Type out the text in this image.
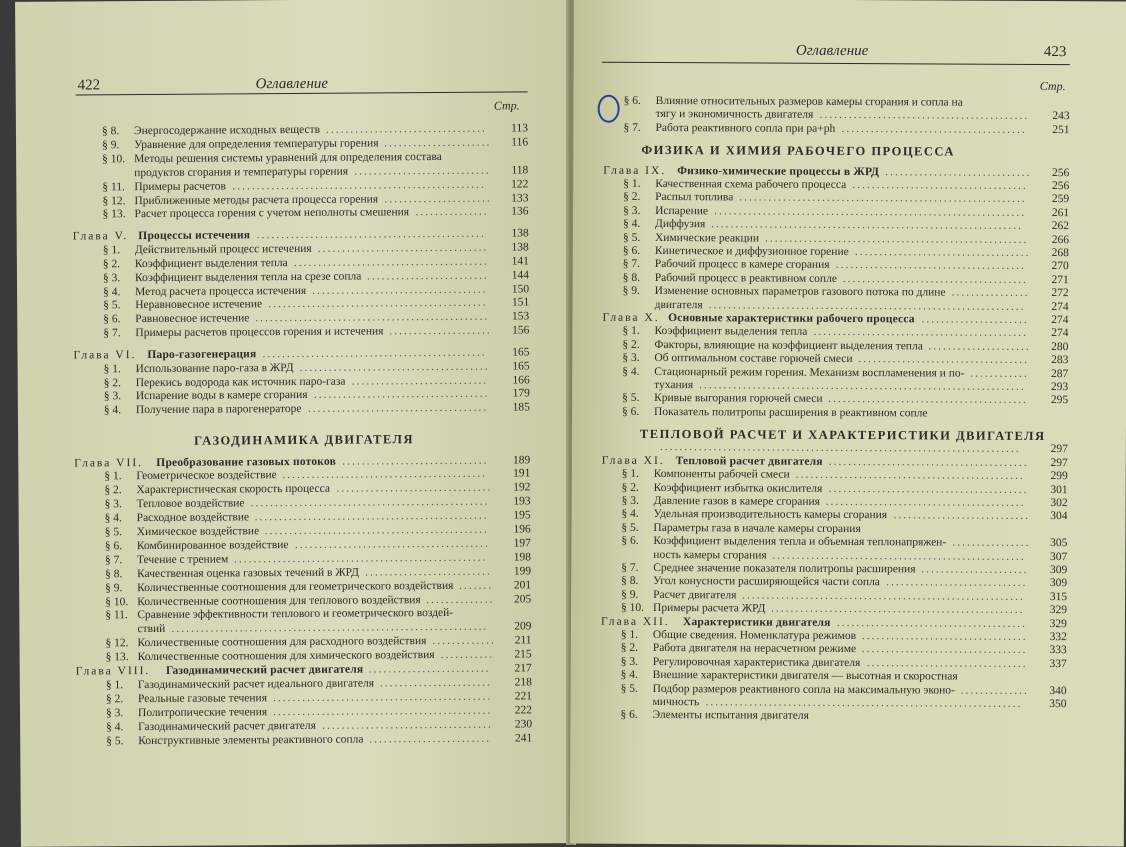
422	Оглавление
Стр.
§ 8. Энергосодержание исходных веществ .................................	113
§ 9. Уравнение для определения температуры горения ......................	116
§ 10. Методы решения системы уравнений для определения состава
продуктов сгорания и температуры горения ............................	118
§ 11. Примеры расчетов ....................................................	122
§ 12. Приближенные методы расчета процесса горения ......................	133
§ 13. Расчет процесса горения с учетом неполноты смешения ...............	136
Глава V. Процессы истечения ...............................................	138
§ 1. Действительный процесс истечения ...................................	138
§ 2. Коэффициент выделения тепла ........................................	141
§ 3. Коэффициент выделения тепла на срезе сопла .........................	144
§ 4. Метод расчета процесса истечения ....................................	150
§ 5. Неравновесное истечение .............................................	151
§ 6. Равновесное истечение ................................................	153
§ 7. Примеры расчетов процессов горения и истечения .....................	156
Глава VI. Паро-газогенерация ..............................................	165
§ 1. Использование паро-газа в ЖРД .......................................	165
§ 2. Перекись водорода как источник паро-газа ............................	166
§ 3. Испарение воды в камере сгорания ....................................	179
§ 4. Получение пара в парогенераторе .....................................	185
ГАЗОДИНАМИКА ДВИГАТЕЛЯ
Глава VII. Преобразование газовых потоков ..............................	189
§ 1. Геометрическое воздействие ..........................................	191
§ 2. Характеристическая скорость процесса ................................	192
§ 3. Тепловое воздействие .................................................	193
§ 4. Расходное воздействие ................................................	195
§ 5. Химическое воздействие ..............................................	196
§ 6. Комбинированное воздействие ........................................	197
§ 7. Течение с трением ....................................................	198
§ 8. Качественная оценка газовых течений в ЖРД ..........................	199
§ 9. Количественные соотношения для геометрического воздействия .......	201
§ 10. Количественные соотношения для теплового воздействия ..............	205
§ 11. Сравнение эффективности теплового и геометрического воздей-
ствий .................................................................	209
§ 12. Количественные соотношения для расходного воздействия .............	211
§ 13. Количественные соотношения для химического воздействия ...........	215
Глава VIII. Газодинамический расчет двигателя .........................	217
§ 1. Газодинамический расчет идеального двигателя .......................	218
§ 2. Реальные газовые течения .............................................	221
§ 3. Политропические течения .............................................	222
§ 4. Газодинамический расчет двигателя ...................................	230
§ 5. Конструктивные элементы реактивного сопла .........................	241
Оглавление	423
Стр.
§ 6. Влияние относительных размеров камеры сгорания и сопла на
тягу и экономичность двигателя ...........................................	243
§ 7. Работа реактивного сопла при pa+ph ......................................	251
ФИЗИКА И ХИМИЯ РАБОЧЕГО ПРОЦЕССА
Глава IX. Физико-химические процессы в ЖРД ..............................	256
§ 1. Качественная схема рабочего процесса ....................................	256
§ 2. Распыл топлива ...........................................................	259
§ 3. Испарение ................................................................	261
§ 4. Диффузия ................................................................	262
§ 5. Химические реакции ......................................................	266
§ 6. Кинетическое и диффузионное горение ....................................	268
§ 7. Рабочий процесс в камере сгорания .......................................	270
§ 8. Рабочий процесс в реактивном сопле ......................................	271
§ 9. Изменение основных параметров газового потока по длине ................	272
двигателя .................................................................	274
Глава X. Основные характеристики рабочего процесса ......................	274
§ 1. Коэффициент выделения тепла ............................................	274
§ 2. Факторы, влияющие на коэффициент выделения тепла .....................	280
§ 3. Об оптимальном составе горючей смеси ...................................	283
§ 4. Стационарный режим горения. Механизм воспламенения и по- ............	287
тухания ...................................................................	293
§ 5. Кривые выгорания горючей смеси .........................................	295
§ 6. Показатель политропы расширения в реактивном сопле
ТЕПЛОВОЙ РАСЧЕТ И ХАРАКТЕРИСТИКИ ДВИГАТЕЛЯ
..........................................................................	297
Глава XI. Тепловой расчет двигателя .........................................	297
§ 1. Компоненты рабочей смеси ...............................................	299
§ 2. Коэффициент избытка окислителя .........................................	301
§ 3. Давление газов в камере сгорания .........................................	302
§ 4. Удельная производительность камеры сгорания ............................	304
§ 5. Параметры газа в начале камеры сгорания
§ 6. Коэффициент выделения тепла и объемная теплонапряжен- ................	305
ность камеры сгорания ....................................................	307
§ 7. Среднее значение показателя политропы расширения ......................	309
§ 8. Угол конусности расширяющейся части сопла .............................	309
§ 9. Расчет двигателя ..........................................................	315
§ 10. Примеры расчета ЖРД ....................................................	329
Глава XII. Характеристики двигателя .......................................	329
§ 1. Общие сведения. Номенклатура режимов ..................................	332
§ 2. Работа двигателя на нерасчетном режиме ..................................	333
§ 3. Регулировочная характеристика двигателя .................................	337
§ 4. Внешние характеристики двигателя — высотная и скоростная
§ 5. Подбор размеров реактивного сопла на максимальную эконо- ..............	340
мичность .................................................................	350
§ 6. Элементы испытания двигателя
